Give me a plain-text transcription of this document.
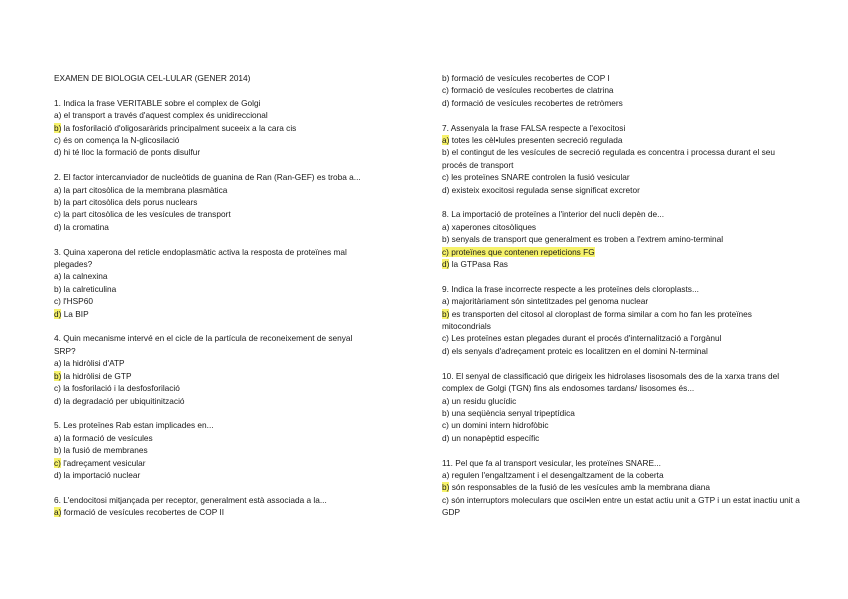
EXAMEN DE BIOLOGIA CEL-LULAR (GENER 2014)

1. Indica la frase VERITABLE sobre el complex de Golgi

a) el transport a través d'aquest complex és unidireccional

b) la fosforilació d'oligosaràrids principalment suceeix a la cara cis

c) és on comença la N-glicosilació

d) hi té lloc la formació de ponts disulfur

2. El factor intercanviador de nucleòtids de guanina de Ran (Ran-GEF) es troba a...

a) la part citosòlica de la membrana plasmàtica

b) la part citosòlica dels porus nuclears

c) la part citosòlica de les vesícules de transport

d) la cromatina

3. Quina xaperona del reticle endoplasmàtic activa la resposta de proteïnes mal

plegades?

a) la calnexina

b) la calreticulina

c) l'HSP60

d) La BIP

4. Quin mecanisme intervé en el cicle de la partícula de reconeixement de senyal

SRP?

a) la hidròlisi d'ATP

b) la hidròlisi de GTP

c) la fosforilació i la desfosforilació

d) la degradació per ubiquitinització

5. Les proteïnes Rab estan implicades en...

a) la formació de vesícules

b) la fusió de membranes

c) l'adreçament vesicular

d) la importació nuclear

6. L'endocitosi mitjançada per receptor, generalment està associada a la...

a) formació de vesícules recobertes de COP II

b) formació de vesícules recobertes de COP I

c) formació de vesícules recobertes de clatrina

d) formació de vesícules recobertes de retròmers

7. Assenyala la frase FALSA respecte a l'exocitosi

a) totes les cèl•lules presenten secreció regulada

b) el contingut de les vesícules de secreció regulada es concentra i processa durant el seu procés de transport

c) les proteïnes SNARE controlen la fusió vesicular

d) existeix exocitosi regulada sense significat excretor

8. La importació de proteïnes a l'interior del nucli depèn de...

a) xaperones citosòliques

b) senyals de transport que generalment es troben a l'extrem amino-terminal

c) proteïnes que contenen repeticions FG

d) la GTPasa Ras

9. Indica la frase incorrecte respecte a les proteïnes dels cloroplasts...

a) majoritàriament són sintetitzades pel genoma nuclear

b) es transporten del citosol al cloroplast de forma similar a com ho fan les proteïnes mitocondrials

c) Les proteïnes estan plegades durant el procés d'internalització a l'orgànul

d) els senyals d'adreçament proteic es localitzen en el domini N-terminal

10. El senyal de classificació que dirigeix les hidrolases lisosomals des de la xarxa trans del complex de Golgi (TGN) fins als endosomes tardans/ lisosomes és...

a) un residu glucídic

b) una seqüència senyal tripeptídica

c) un domini intern hidrofòbic

d) un nonapèptid específic

11. Pel que fa al transport vesicular, les proteïnes SNARE...

a) regulen l'engaltzament i el desengaltzament de la coberta

b) són responsables de la fusió de les vesícules amb la membrana diana

c) són interruptors moleculars que oscil•len entre un estat actiu unit a GTP i un estat inactiu unit a GDP
